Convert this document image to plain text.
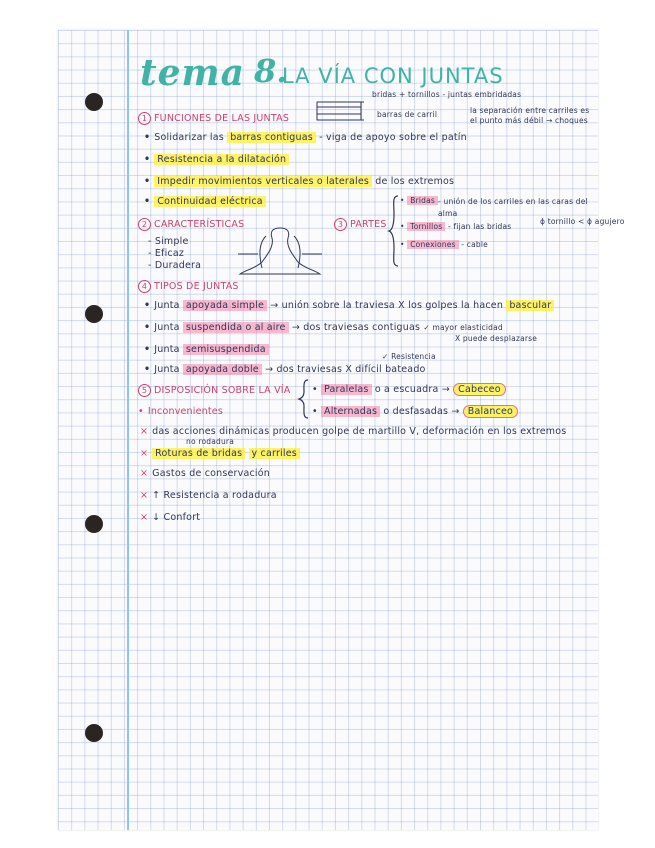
tema 8.
LA VÍA CON JUNTAS
bridas + tornillos - juntas embridadas
barras de carril	la separación entre carriles es el punto más débil → choques
1 FUNCIONES DE LAS JUNTAS
• Solidarizar las barras contiguas - viga de apoyo sobre el patín
• Resistencia a la dilatación
• Impedir movimientos verticales o laterales de los extremos
• Continuidad eléctrica
2 CARACTERÍSTICAS
- Simple
- Eficaz
- Duradera
3 PARTES
• Bridas - unión de los carriles en las caras del alma
• Tornillos - fijan las bridas
ϕ tornillo < ϕ agujero
• Conexiones - cable
4 TIPOS DE JUNTAS
• Junta apoyada simple → unión sobre la traviesa X los golpes la hacen bascular
• Junta suspendida o al aire → dos traviesas contiguas ✓ mayor elasticidad
X puede desplazarse
• Junta semisuspendida
✓ Resistencia
• Junta apoyada doble → dos traviesas X difícil bateado
5 DISPOSICIÓN SOBRE LA VÍA • Paralelas o a escuadra → Cabeceo
• Alternadas o desfasadas → Balanceo
• Inconvenientes
× das acciones dinámicas producen golpe de martillo V, deformación en los extremos
no rodadura
× Roturas de bridas y carriles
× Gastos de conservación
× ↑ Resistencia a rodadura
× ↓ Confort
